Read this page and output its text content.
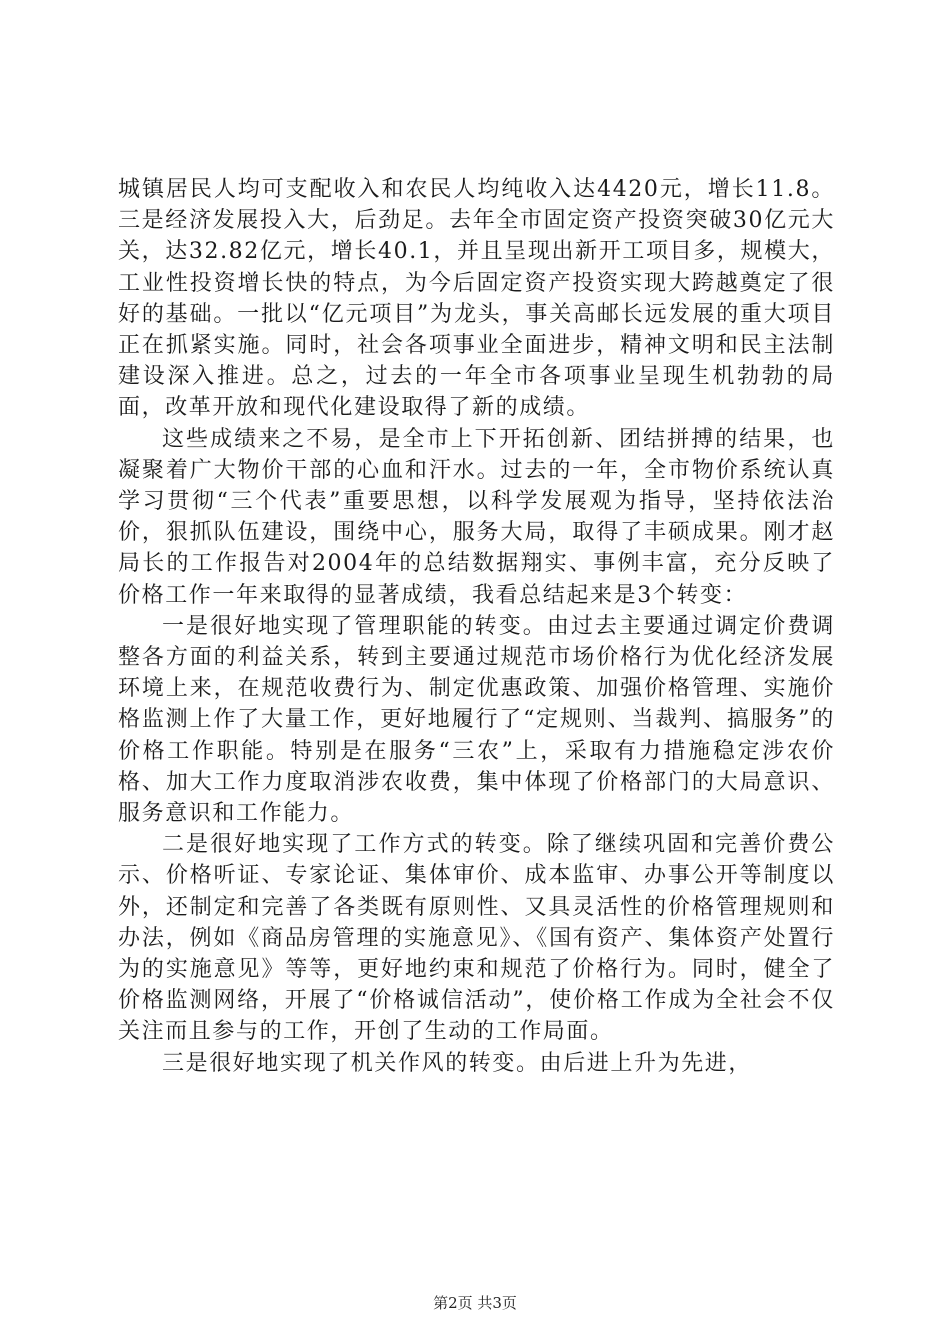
城镇居民人均可支配收入和农民人均纯收入达4420元，增长11.8。三是经济发展投入大，后劲足。去年全市固定资产投资突破30亿元大关，达32.82亿元，增长40.1，并且呈现出新开工项目多，规模大，工业性投资增长快的特点，为今后固定资产投资实现大跨越奠定了很好的基础。一批以“亿元项目”为龙头，事关高邮长远发展的重大项目正在抓紧实施。同时，社会各项事业全面进步，精神文明和民主法制建设深入推进。总之，过去的一年全市各项事业呈现生机勃勃的局面，改革开放和现代化建设取得了新的成绩。

这些成绩来之不易，是全市上下开拓创新、团结拼搏的结果，也凝聚着广大物价干部的心血和汗水。过去的一年，全市物价系统认真学习贯彻“三个代表”重要思想，以科学发展观为指导，坚持依法治价，狠抓队伍建设，围绕中心，服务大局，取得了丰硕成果。刚才赵局长的工作报告对2004年的总结数据翔实、事例丰富，充分反映了价格工作一年来取得的显著成绩，我看总结起来是3个转变：

一是很好地实现了管理职能的转变。由过去主要通过调定价费调整各方面的利益关系，转到主要通过规范市场价格行为优化经济发展环境上来，在规范收费行为、制定优惠政策、加强价格管理、实施价格监测上作了大量工作，更好地履行了“定规则、当裁判、搞服务”的价格工作职能。特别是在服务“三农”上，采取有力措施稳定涉农价格、加大工作力度取消涉农收费，集中体现了价格部门的大局意识、服务意识和工作能力。

二是很好地实现了工作方式的转变。除了继续巩固和完善价费公示、价格听证、专家论证、集体审价、成本监审、办事公开等制度以外，还制定和完善了各类既有原则性、又具灵活性的价格管理规则和办法，例如《商品房管理的实施意见》、《国有资产、集体资产处置行为的实施意见》等等，更好地约束和规范了价格行为。同时，健全了价格监测网络，开展了“价格诚信活动”，使价格工作成为全社会不仅关注而且参与的工作，开创了生动的工作局面。

三是很好地实现了机关作风的转变。由后进上升为先进，

第2页 共3页
